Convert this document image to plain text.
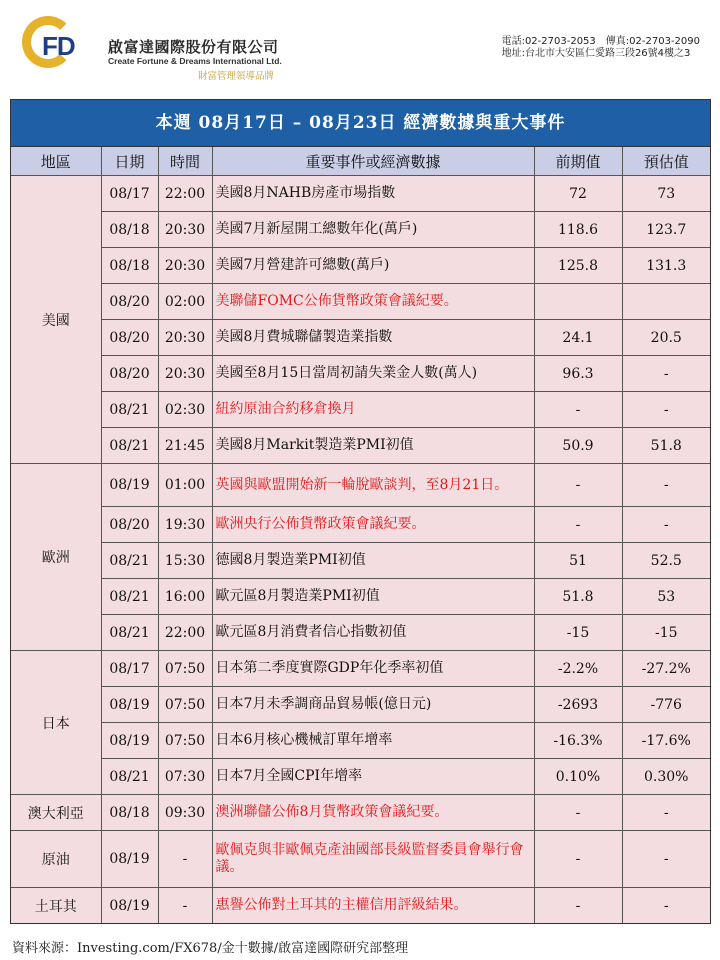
FD 啟富達國際股份有限公司
Create Fortune & Dreams International Ltd.
財富管理領導品牌
電話:02-2703-2053　傳真:02-2703-2090
地址:台北市大安區仁愛路三段26號4樓之3
本週 08月17日 – 08月23日 經濟數據與重大事件
地區	日期	時間	重要事件或經濟數據	前期值	預估值
美國	08/17	22:00	美國8月NAHB房產市場指數	72	73
	08/18	20:30	美國7月新屋開工總數年化(萬戶)	118.6	123.7
	08/18	20:30	美國7月營建許可總數(萬戶)	125.8	131.3
	08/20	02:00	美聯儲FOMC公佈貨幣政策會議紀要。		
	08/20	20:30	美國8月費城聯儲製造業指數	24.1	20.5
	08/20	20:30	美國至8月15日當周初請失業金人數(萬人)	96.3	-
	08/21	02:30	紐約原油合約移倉換月	-	-
	08/21	21:45	美國8月Markit製造業PMI初值	50.9	51.8
歐洲	08/19	01:00	英國與歐盟開始新一輪脫歐談判，至8月21日。	-	-
	08/20	19:30	歐洲央行公佈貨幣政策會議紀要。	-	-
	08/21	15:30	德國8月製造業PMI初值	51	52.5
	08/21	16:00	歐元區8月製造業PMI初值	51.8	53
	08/21	22:00	歐元區8月消費者信心指數初值	-15	-15
日本	08/17	07:50	日本第二季度實際GDP年化季率初值	-2.2%	-27.2%
	08/19	07:50	日本7月未季調商品貿易帳(億日元)	-2693	-776
	08/19	07:50	日本6月核心機械訂單年增率	-16.3%	-17.6%
	08/21	07:30	日本7月全國CPI年增率	0.10%	0.30%
澳大利亞	08/18	09:30	澳洲聯儲公佈8月貨幣政策會議紀要。	-	-
原油	08/19	-	歐佩克與非歐佩克產油國部長級監督委員會舉行會議。	-	-
土耳其	08/19	-	惠譽公佈對土耳其的主權信用評級結果。	-	-
資料來源：Investing.com/FX678/金十數據/啟富達國際研究部整理
